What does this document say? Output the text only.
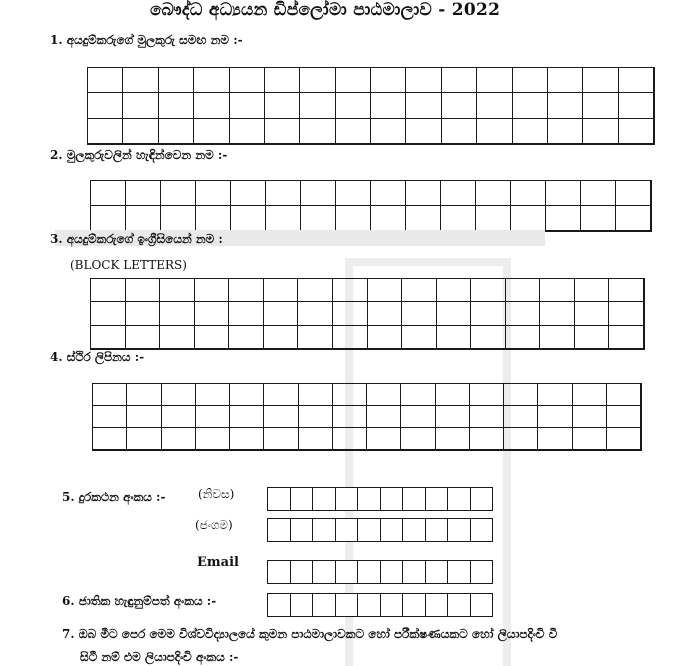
බෞද්ධ අධ්‍යයන ඩිප්ලෝමා පාඨමාලාව - 2022
1. අයදුම්කරුගේ මුලකුරු සමඟ නම :-
2. මුලකුරුවලින් හැඳින්වෙන නම :-
3. අයදුම්කරුගේ ඉංග්‍රීසියෙන් නම :
(BLOCK LETTERS)
4. ස්ථිර ලිපිනය :-
5. දුරකථන අංකය :-	(නිවස)
(ජංගම)
Email
6. ජාතික හැඳුනුම්පත් අංකය :-
7. ඔබ මීට පෙර මෙම විශ්වවිද්‍යාලයේ කුමන පාඨමාලාවකට හෝ පරීක්ෂණයකට හෝ ලියාපදිංචි වී
සිටී නම් එම ලියාපදිංචි අංකය :-
